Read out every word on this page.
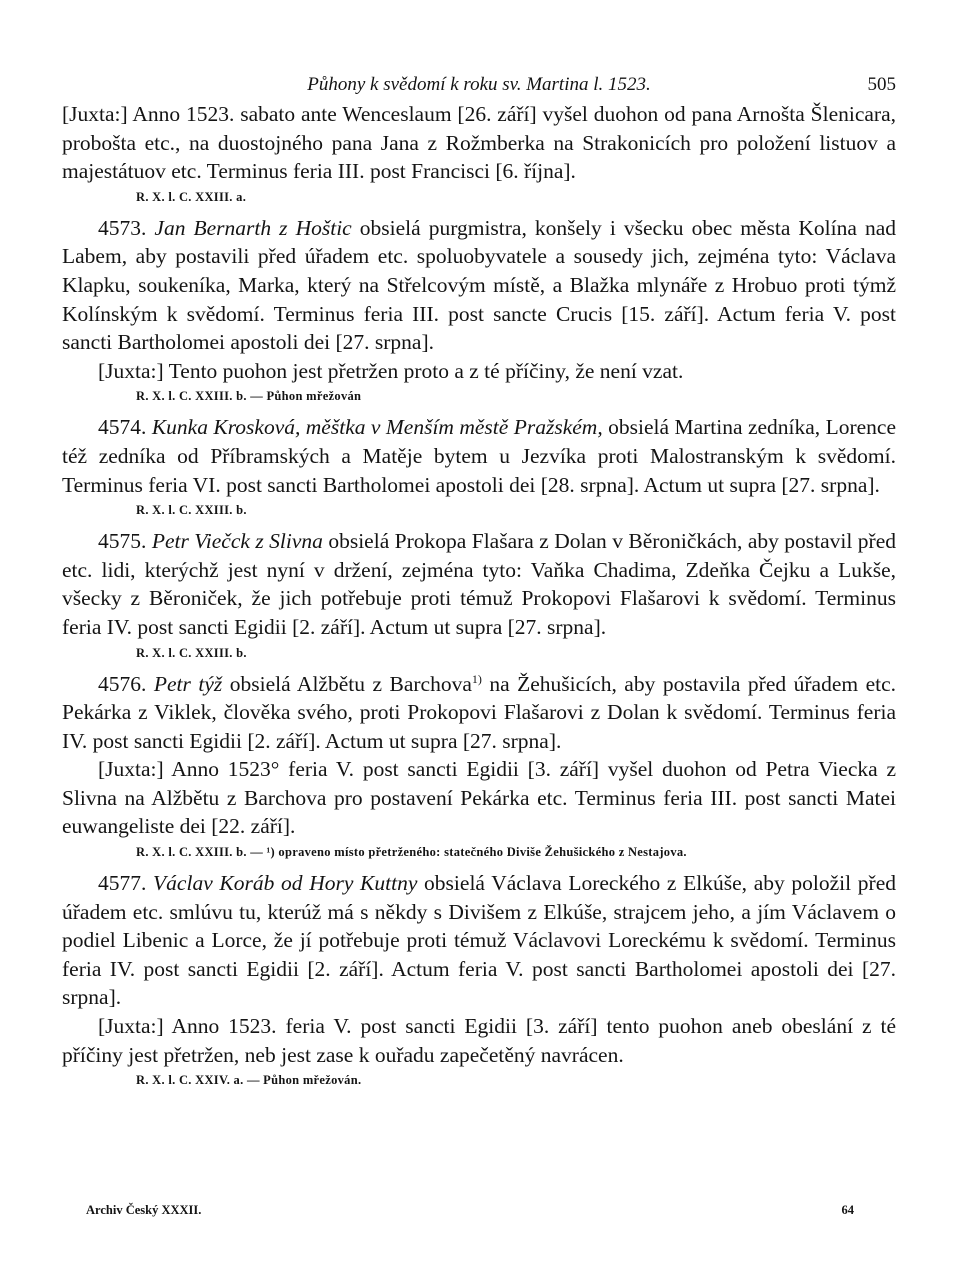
Půhony k svědomí k roku sv. Martina l. 1523.	505

[Juxta:] Anno 1523. sabato ante Wenceslaum [26. září] vyšel duohon od pana Arnošta Šlenicara, probošta etc., na duostojného pana Jana z Rožmberka na Strakonicích pro položení listuov a majestátuov etc. Terminus feria III. post Francisci [6. října].

R. X. l. C. XXIII. a.

4573. Jan Bernarth z Hoštic obsielá purgmistra, konšely i všecku obec města Kolína nad Labem, aby postavili před úřadem etc. spoluobyvatele a sousedy jich, zejména tyto: Václava Klapku, soukeníka, Marka, který na Střelcovým místě, a Blažka mlynáře z Hrobuo proti týmž Kolínským k svědomí. Terminus feria III. post sancte Crucis [15. září]. Actum feria V. post sancti Bartholomei apostoli dei [27. srpna].

[Juxta:] Tento puohon jest přetržen proto a z té příčiny, že není vzat.

R. X. l. C. XXIII. b. — Půhon mřežován

4574. Kunka Krosková, měštka v Menším městě Pražském, obsielá Martina zedníka, Lorence též zedníka od Příbramských a Matěje bytem u Jezvíka proti Malostranským k svědomí. Terminus feria VI. post sancti Bartholomei apostoli dei [28. srpna]. Actum ut supra [27. srpna].

R. X. l. C. XXIII. b.

4575. Petr Viečck z Slivna obsielá Prokopa Flašara z Dolan v Běroničkách, aby postavil před etc. lidi, kterýchž jest nyní v držení, zejména tyto: Vaňka Chadima, Zdeňka Čejku a Lukše, všecky z Běroniček, že jich potřebuje proti témuž Prokopovi Flašarovi k svědomí. Terminus feria IV. post sancti Egidii [2. září]. Actum ut supra [27. srpna].

R. X. l. C. XXIII. b.

4576. Petr týž obsielá Alžbětu z Barchova$^{1)}$ na Žehušicích, aby postavila před úřadem etc. Pekárka z Viklek, člověka svého, proti Prokopovi Flašarovi z Dolan k svědomí. Terminus feria IV. post sancti Egidii [2. září]. Actum ut supra [27. srpna].

[Juxta:] Anno 1523° feria V. post sancti Egidii [3. září] vyšel duohon od Petra Viecka z Slivna na Alžbětu z Barchova pro postavení Pekárka etc. Terminus feria III. post sancti Matei euwangeliste dei [22. září].

R. X. l. C. XXIII. b. — ¹) opraveno místo přetrženého: statečného Diviše Žehušického z Nestajova.

4577. Václav Koráb od Hory Kuttny obsielá Václava Loreckého z Elkúše, aby položil před úřadem etc. smlúvu tu, kterúž má s někdy s Divišem z Elkúše, strajcem jeho, a jím Václavem o podiel Libenic a Lorce, že jí potřebuje proti témuž Václavovi Loreckému k svědomí. Terminus feria IV. post sancti Egidii [2. září]. Actum feria V. post sancti Bartholomei apostoli dei [27. srpna].

[Juxta:] Anno 1523. feria V. post sancti Egidii [3. září] tento puohon aneb obeslání z té příčiny jest přetržen, neb jest zase k ouřadu zapečetěný navrácen.

R. X. l. C. XXIV. a. — Půhon mřežován.

Archiv Český XXXII.	64
